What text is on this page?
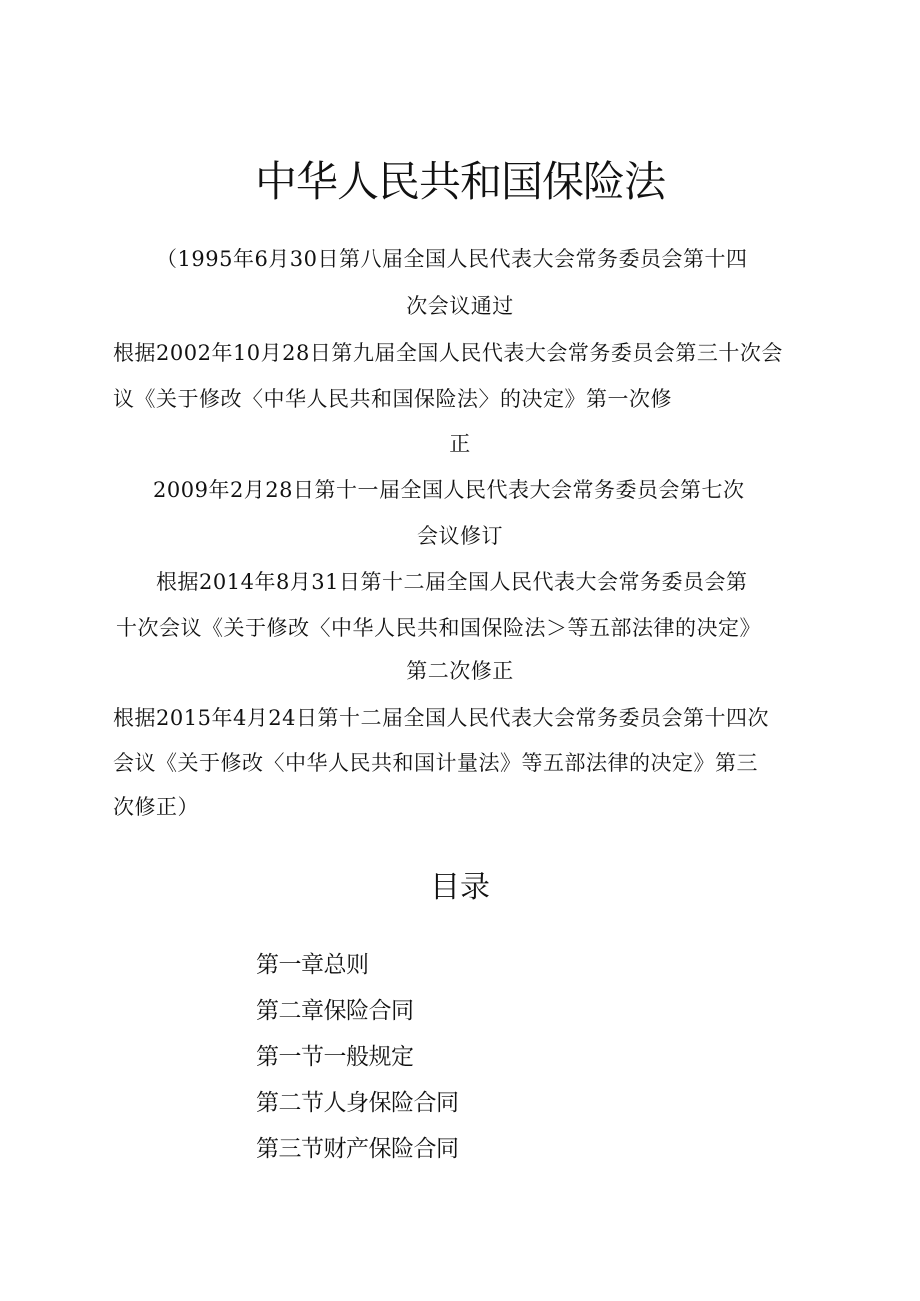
中华人民共和国保险法

（1995年6月30日第八届全国人民代表大会常务委员会第十四

次会议通过

根据2002年10月28日第九届全国人民代表大会常务委员会第三十次会

议《关于修改〈中华人民共和国保险法〉的决定》第一次修

正

2009年2月28日第十一届全国人民代表大会常务委员会第七次

会议修订

根据2014年8月31日第十二届全国人民代表大会常务委员会第

十次会议《关于修改〈中华人民共和国保险法＞等五部法律的决定》

第二次修正

根据2015年4月24日第十二届全国人民代表大会常务委员会第十四次

会议《关于修改〈中华人民共和国计量法》等五部法律的决定》第三

次修正）

目录
第一章总则
第二章保险合同
第一节一般规定
第二节人身保险合同
第三节财产保险合同
